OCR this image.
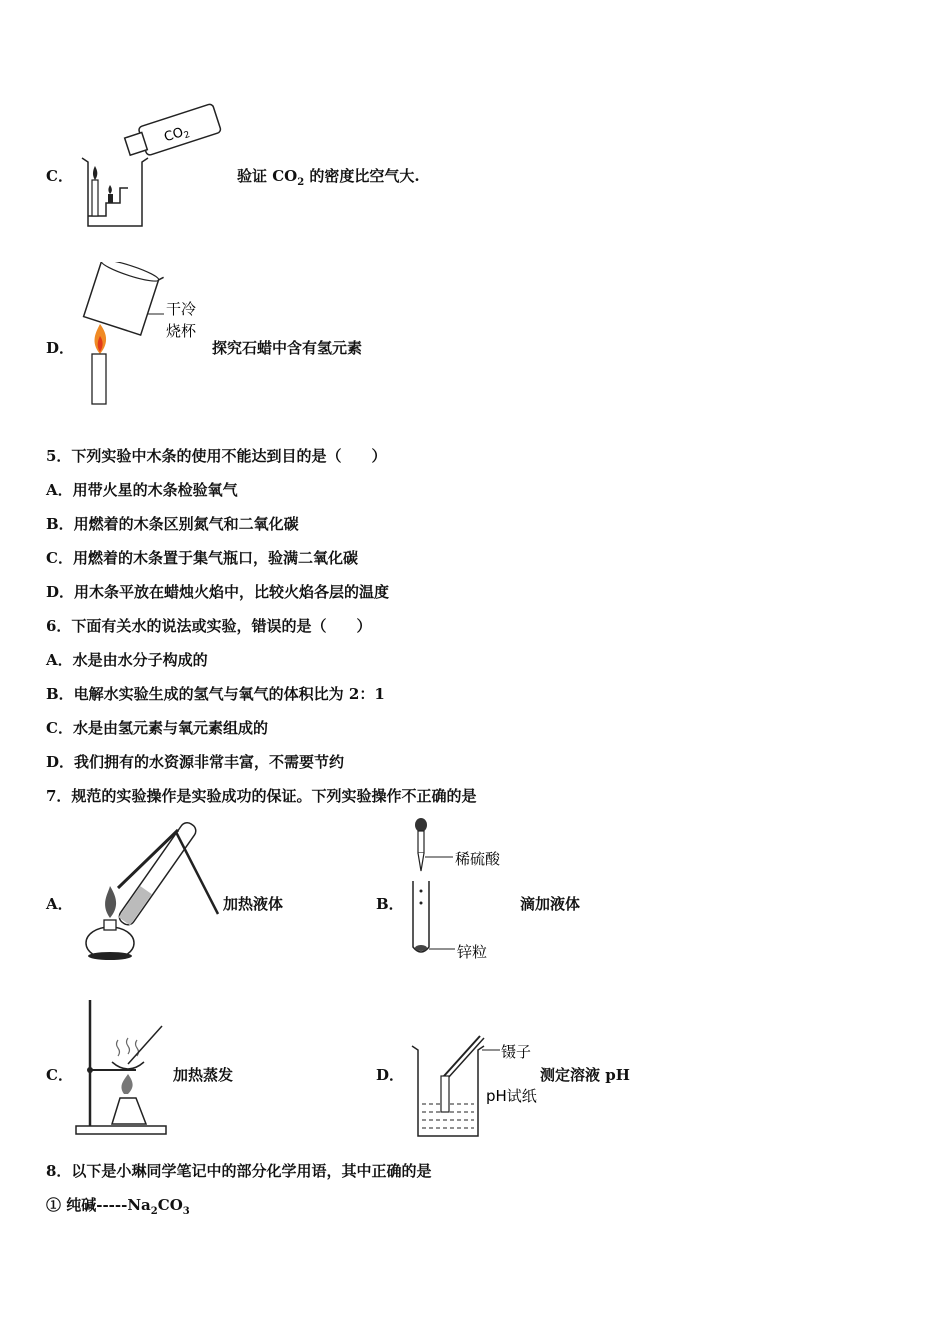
C．
$CO_2$
验证 $CO_2$ 的密度比空气大.
D．
干冷
烧杯
探究石蜡中含有氢元素
5．下列实验中木条的使用不能达到目的是（　　）
A．用带火星的木条检验氧气
B．用燃着的木条区别氮气和二氧化碳
C．用燃着的木条置于集气瓶口，验满二氧化碳
D．用木条平放在蜡烛火焰中，比较火焰各层的温度
6．下面有关水的说法或实验，错误的是（　　）
A．水是由水分子构成的
B．电解水实验生成的氢气与氧气的体积比为 2：1
C．水是由氢元素与氧元素组成的
D．我们拥有的水资源非常丰富，不需要节约
7．规范的实验操作是实验成功的保证。下列实验操作不正确的是
A．	加热液体	B．
稀硫酸
锌粒
滴加液体
C．	加热蒸发	D．
镊子
pH试纸
测定溶液 pH
8．以下是小琳同学笔记中的部分化学用语，其中正确的是
① 纯碱$-----Na_2CO_3$
